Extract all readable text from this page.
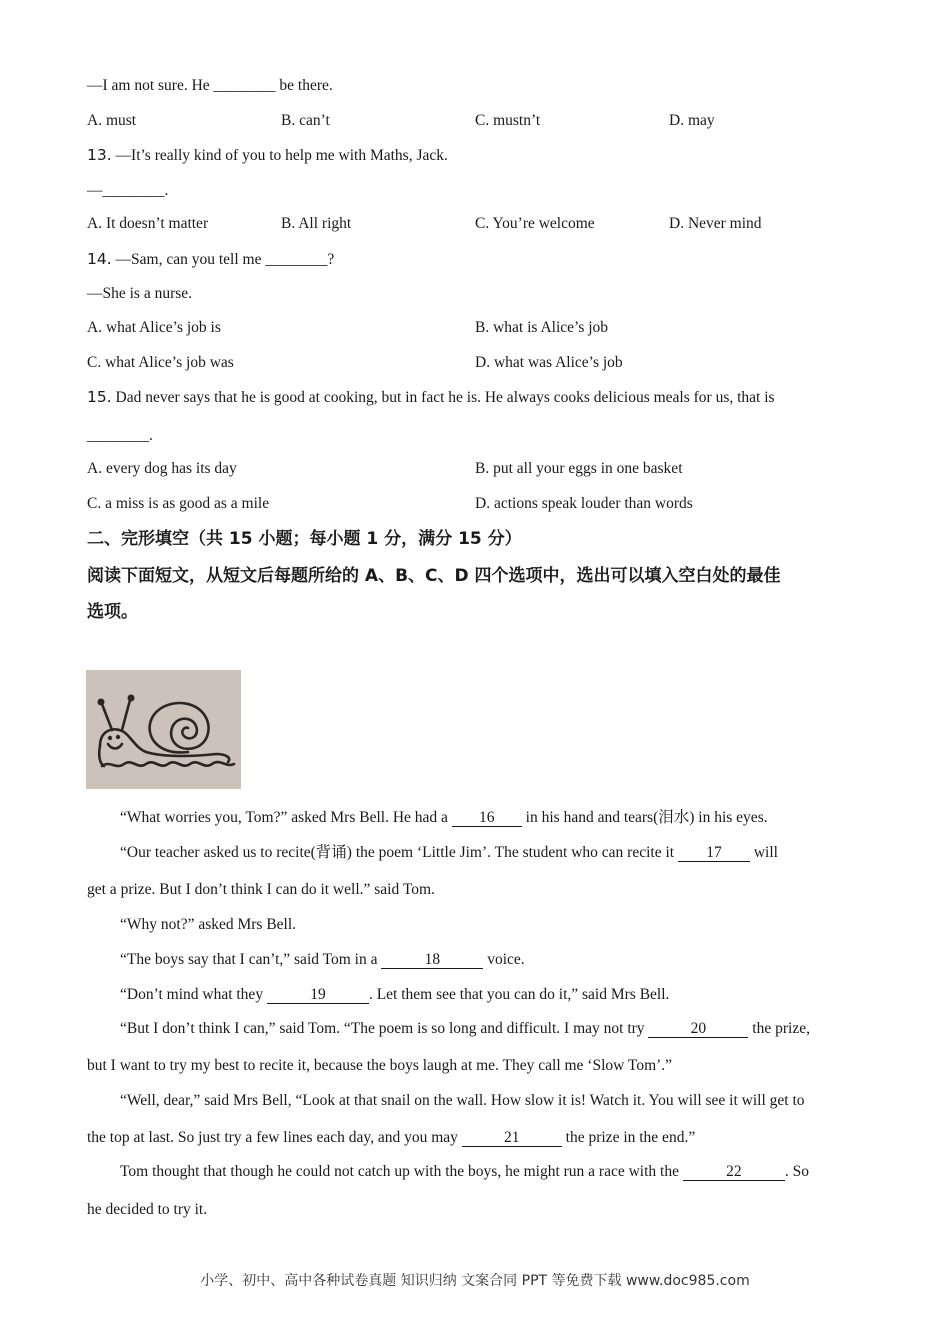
—I am not sure. He ________ be there.
A. must	B. can’t	C. mustn’t	D. may
13. —It’s really kind of you to help me with Maths, Jack.
—________.
A. It doesn’t matter	B. All right	C. You’re welcome	D. Never mind
14. —Sam, can you tell me ________?
—She is a nurse.
A. what Alice’s job is	B. what is Alice’s job
C. what Alice’s job was	D. what was Alice’s job
15. Dad never says that he is good at cooking, but in fact he is. He always cooks delicious meals for us, that is
________.
A. every dog has its day	B. put all your eggs in one basket
C. a miss is as good as a mile	D. actions speak louder than words
二、完形填空（共 15 小题；每小题 1 分，满分 15 分）
阅读下面短文，从短文后每题所给的 A、B、C、D 四个选项中，选出可以填入空白处的最佳
选项。
“What worries you, Tom?” asked Mrs Bell. He had a 16 in his hand and tears(泪水) in his eyes.
“Our teacher asked us to recite(背诵) the poem ‘Little Jim’. The student who can recite it 17 will
get a prize. But I don’t think I can do it well.” said Tom.
“Why not?” asked Mrs Bell.
“The boys say that I can’t,” said Tom in a	18	voice.
“Don’t mind what they	19	. Let them see that you can do it,” said Mrs Bell.
“But I don’t think I can,” said Tom. “The poem is so long and difficult. I may not try	20	the prize,
but I want to try my best to recite it, because the boys laugh at me. They call me ‘Slow Tom’.”
“Well, dear,” said Mrs Bell, “Look at that snail on the wall. How slow it is! Watch it. You will see it will get to
the top at last. So just try a few lines each day, and you may	21	the prize in the end.”
Tom thought that though he could not catch up with the boys, he might run a race with the	22	. So
he decided to try it.
小学、初中、高中各种试卷真题 知识归纳 文案合同 PPT 等免费下载 www.doc985.com
